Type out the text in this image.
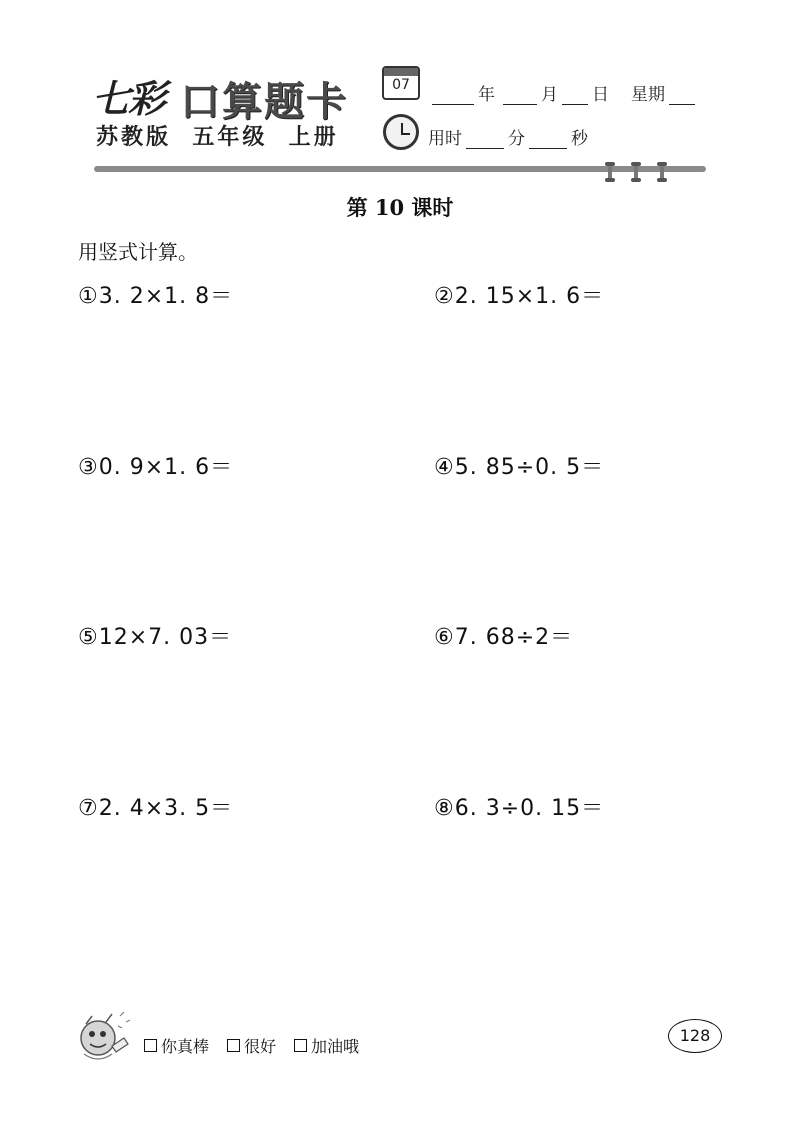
七彩 口算题卡
苏教版  五年级  上册
07	年	月 日 星期
用时	分	秒
第 10 课时
用竖式计算。
①3. 2×1. 8＝	②2. 15×1. 6＝
③0. 9×1. 6＝	④5. 85÷0. 5＝
⑤12×7. 03＝	⑥7. 68÷2＝
⑦2. 4×3. 5＝	⑧6. 3÷0. 15＝
你真棒 很好 加油哦
128
